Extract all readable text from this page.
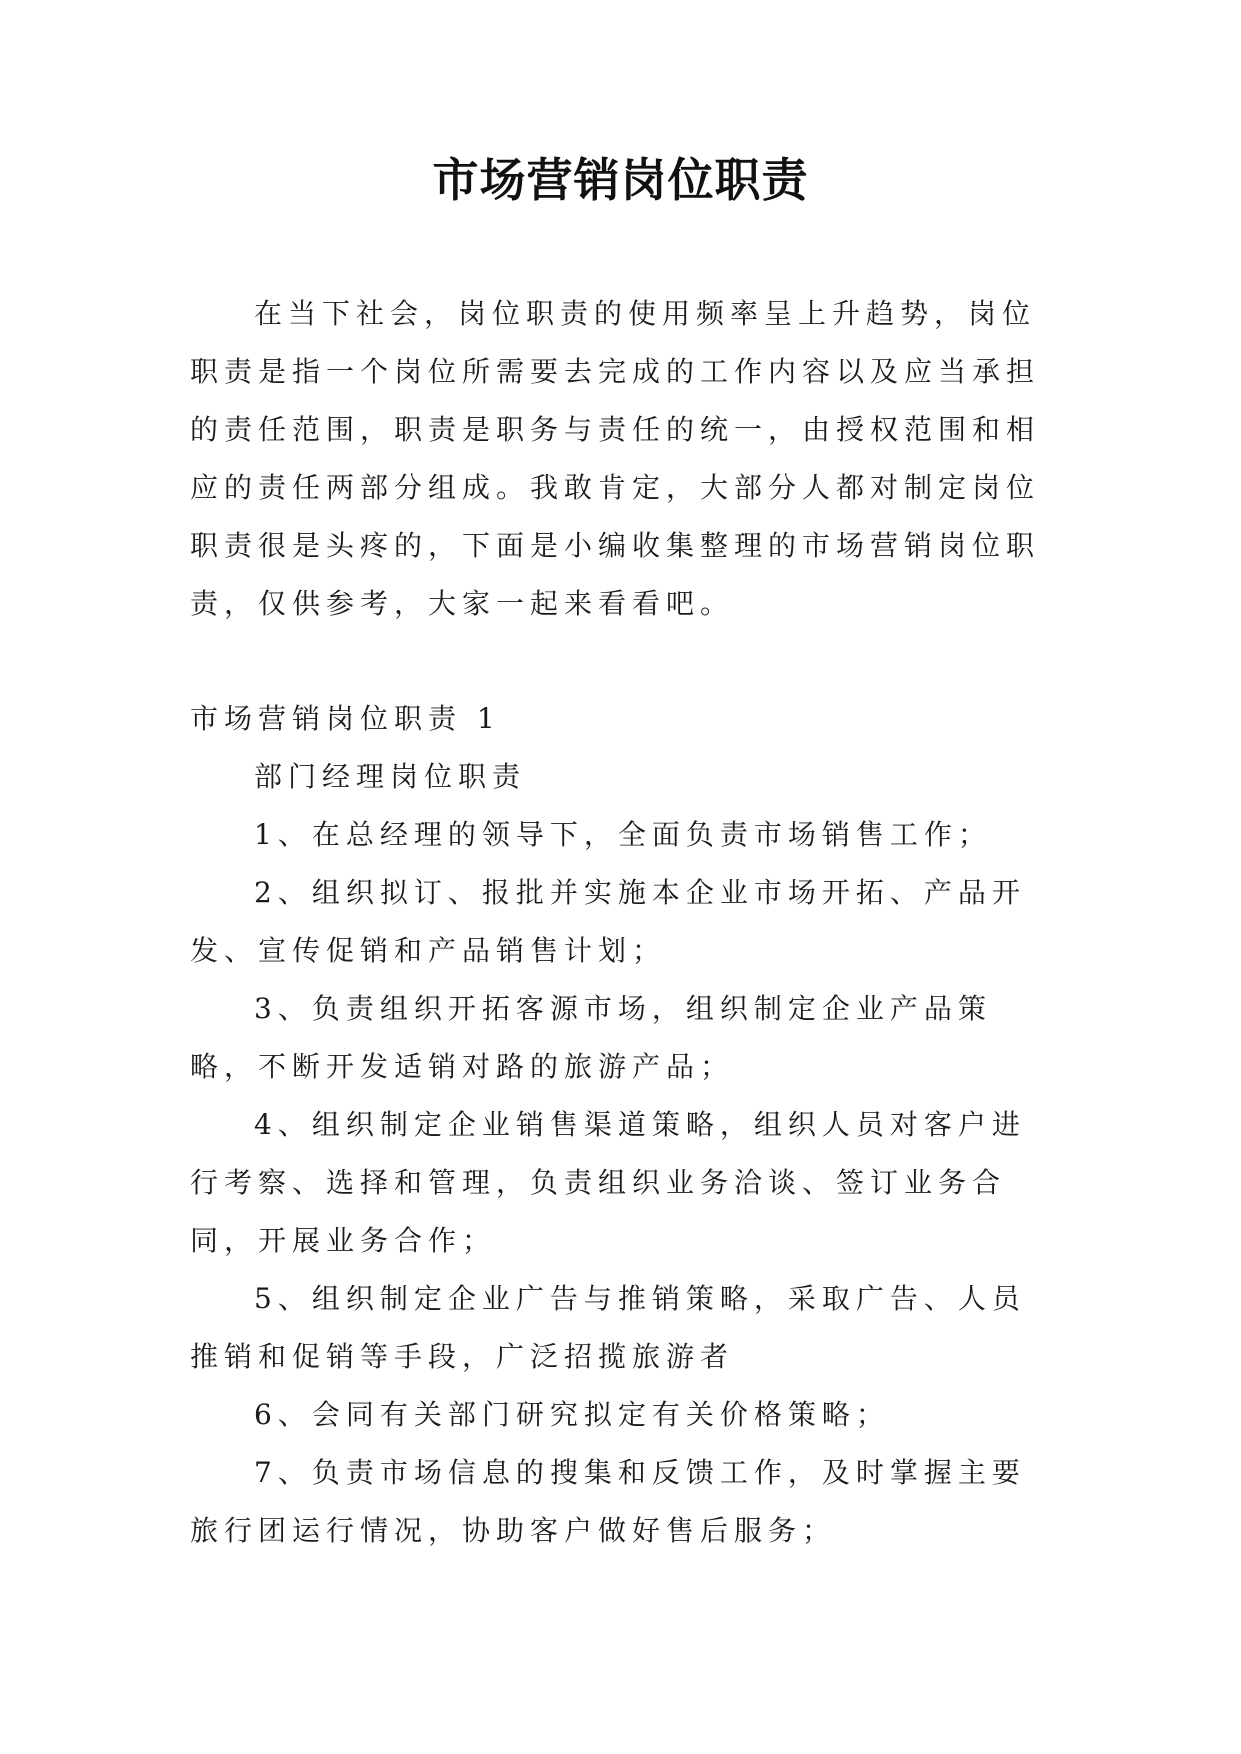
市场营销岗位职责
在当下社会，岗位职责的使用频率呈上升趋势，岗位职责是指一个岗位所需要去完成的工作内容以及应当承担的责任范围，职责是职务与责任的统一，由授权范围和相应的责任两部分组成。我敢肯定，大部分人都对制定岗位职责很是头疼的，下面是小编收集整理的市场营销岗位职责，仅供参考，大家一起来看看吧。

市场营销岗位职责 1

部门经理岗位职责

1、在总经理的领导下，全面负责市场销售工作；

2、组织拟订、报批并实施本企业市场开拓、产品开发、宣传促销和产品销售计划；

3、负责组织开拓客源市场，组织制定企业产品策略，不断开发适销对路的旅游产品；

4、组织制定企业销售渠道策略，组织人员对客户进行考察、选择和管理，负责组织业务洽谈、签订业务合同，开展业务合作；

5、组织制定企业广告与推销策略，采取广告、人员推销和促销等手段，广泛招揽旅游者

6、会同有关部门研究拟定有关价格策略；

7、负责市场信息的搜集和反馈工作，及时掌握主要旅行团运行情况，协助客户做好售后服务；
